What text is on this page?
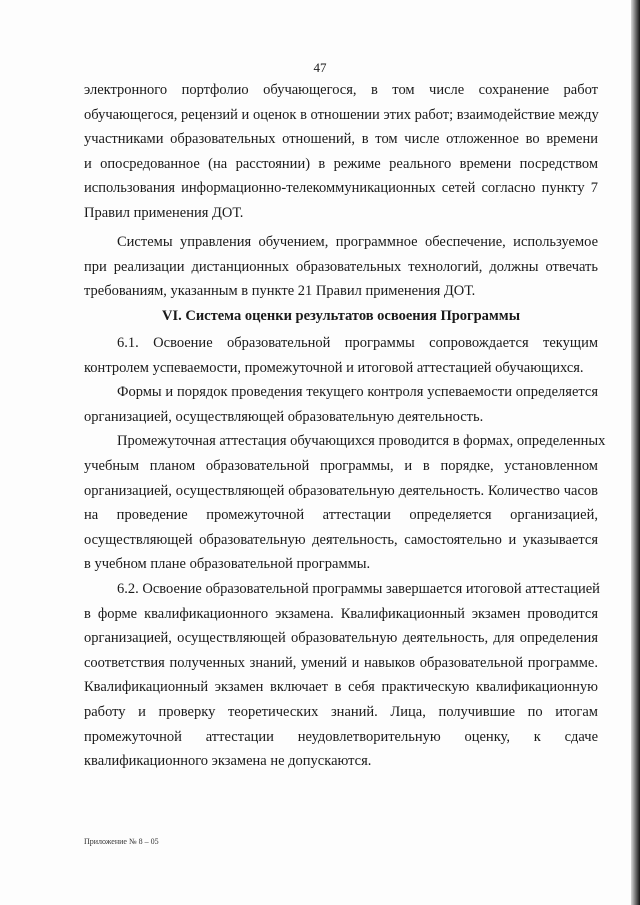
47
электронного портфолио обучающегося, в том числе сохранение работ
обучающегося, рецензий и оценок в отношении этих работ; взаимодействие между
участниками образовательных отношений, в том числе отложенное во времени
и опосредованное (на расстоянии) в режиме реального времени посредством
использования информационно-телекоммуникационных сетей согласно пункту 7
Правил применения ДОТ.
Системы управления обучением, программное обеспечение, используемое
при реализации дистанционных образовательных технологий, должны отвечать
требованиям, указанным в пункте 21 Правил применения ДОТ.
VI. Система оценки результатов освоения Программы
6.1. Освоение образовательной программы сопровождается текущим
контролем успеваемости, промежуточной и итоговой аттестацией обучающихся.
Формы и порядок проведения текущего контроля успеваемости определяется
организацией, осуществляющей образовательную деятельность.
Промежуточная аттестация обучающихся проводится в формах, определенных
учебным планом образовательной программы, и в порядке, установленном
организацией, осуществляющей образовательную деятельность. Количество часов
на проведение промежуточной аттестации определяется организацией,
осуществляющей образовательную деятельность, самостоятельно и указывается
в учебном плане образовательной программы.
6.2. Освоение образовательной программы завершается итоговой аттестацией
в форме квалификационного экзамена. Квалификационный экзамен проводится
организацией, осуществляющей образовательную деятельность, для определения
соответствия полученных знаний, умений и навыков образовательной программе.
Квалификационный экзамен включает в себя практическую квалификационную
работу и проверку теоретических знаний. Лица, получившие по итогам
промежуточной аттестации неудовлетворительную оценку, к сдаче
квалификационного экзамена не допускаются.
Приложение № 8 – 05
